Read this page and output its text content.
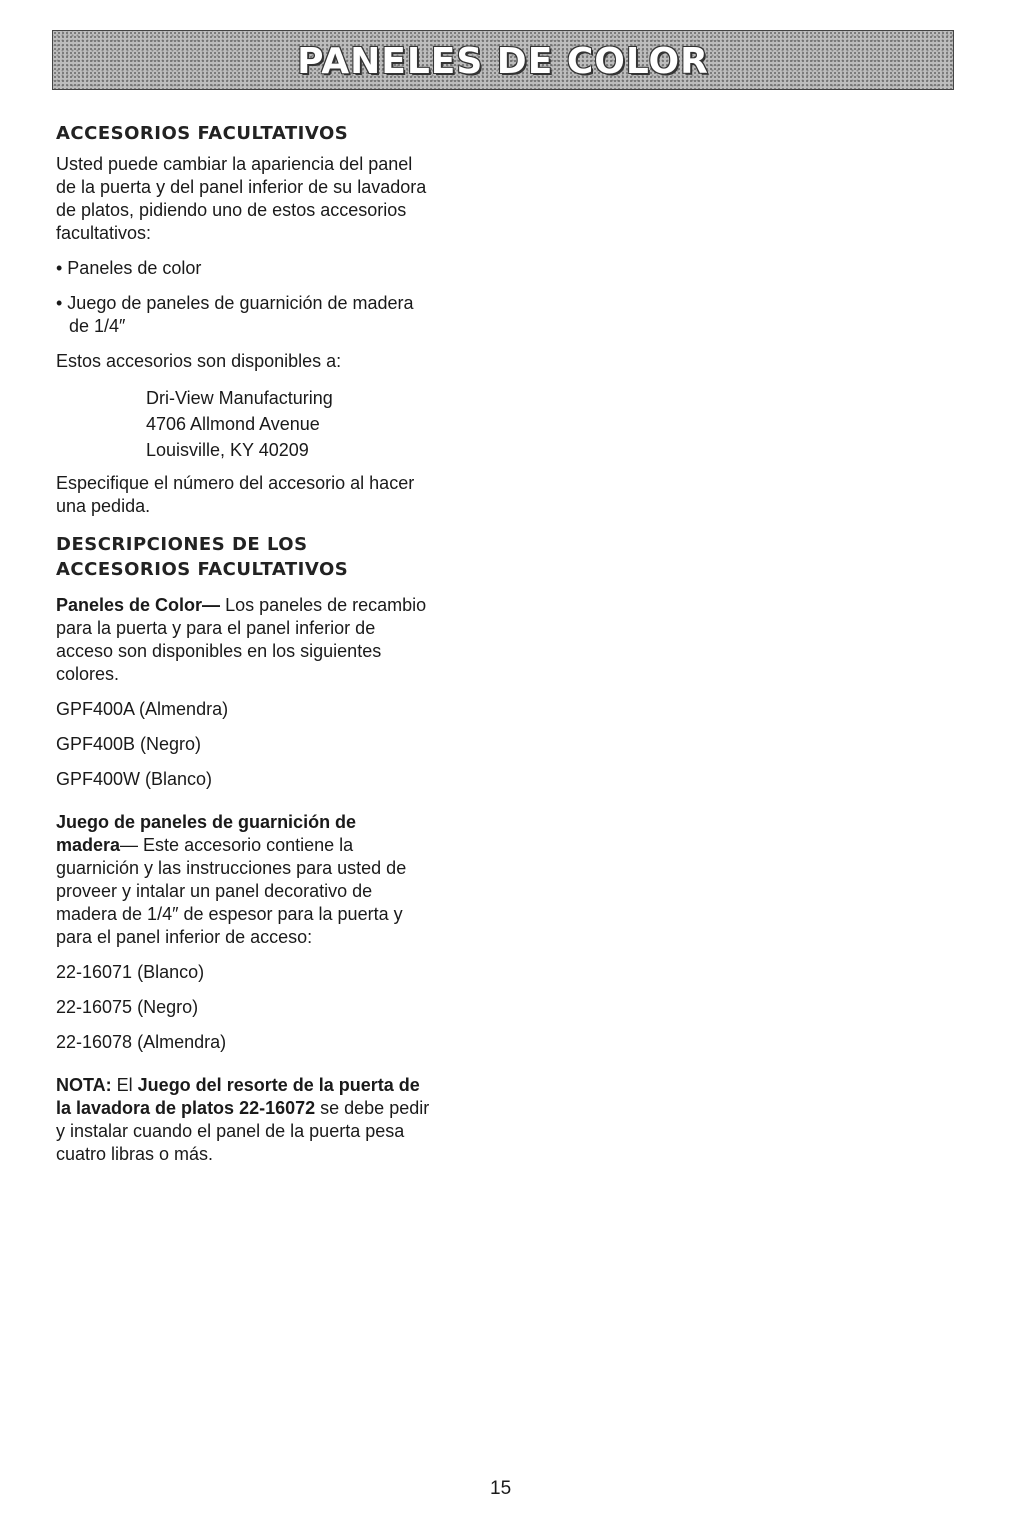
PANELES DE COLOR
ACCESORIOS FACULTATIVOS

Usted puede cambiar la apariencia del panel

de la puerta y del panel inferior de su lavadora

de platos, pidiendo uno de estos accesorios

facultativos:

• Paneles de color

• Juego de paneles de guarnición de madera

de 1/4″

Estos accesorios son disponibles a:

Dri-View Manufacturing

4706 Allmond Avenue

Louisville, KY 40209

Especifique el número del accesorio al hacer

una pedida.

DESCRIPCIONES DE LOS
ACCESORIOS FACULTATIVOS

Paneles de Color— Los paneles de recambio

para la puerta y para el panel inferior de

acceso son disponibles en los siguientes

colores.

GPF400A (Almendra)

GPF400B (Negro)

GPF400W (Blanco)

Juego de paneles de guarnición de

madera— Este accesorio contiene la

guarnición y las instrucciones para usted de

proveer y intalar un panel decorativo de

madera de 1/4″ de espesor para la puerta y

para el panel inferior de acceso:

22-16071 (Blanco)

22-16075 (Negro)

22-16078 (Almendra)

NOTA: El Juego del resorte de la puerta de

la lavadora de platos 22-16072 se debe pedir

y instalar cuando el panel de la puerta pesa

cuatro libras o más.

15
